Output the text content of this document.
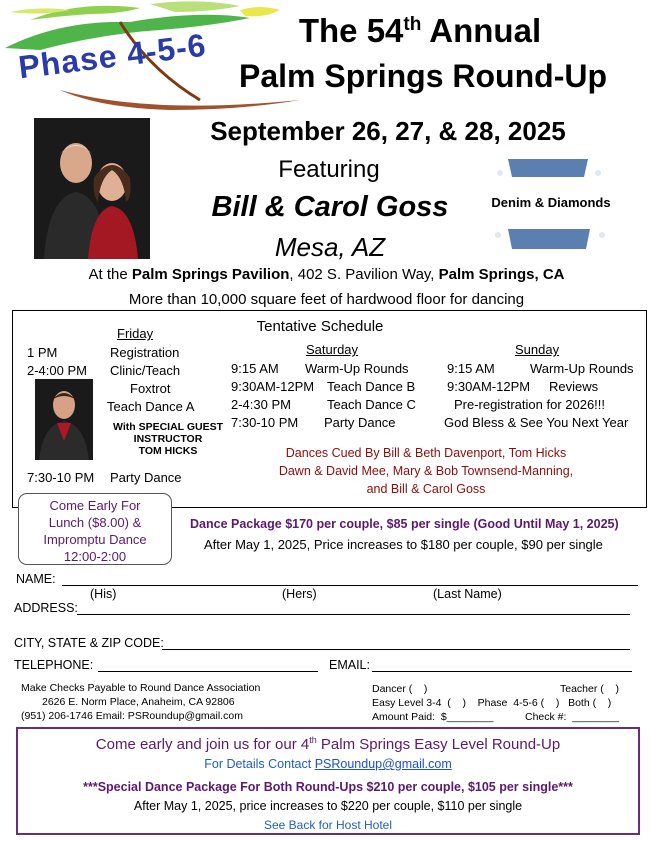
Phase 4-5-6	The 54th Annual
Palm Springs Round-Up
September 26, 27, & 28, 2025
Featuring
Bill & Carol Goss
Mesa, AZ
Denim & Diamonds
At the Palm Springs Pavilion, 402 S. Pavilion Way, Palm Springs, CA
More than 10,000 square feet of hardwood floor for dancing
Tentative Schedule
Friday
1 PM	Registration
2-4:00 PM Clinic/Teach
Foxtrot
Teach Dance A
With SPECIAL GUEST
INSTRUCTOR
TOM HICKS
7:30-10 PM Party Dance
Saturday
9:15 AM Warm-Up Rounds
9:30AM-12PM Teach Dance B
2-4:30 PM	Teach Dance C
7:30-10 PM Party Dance
Sunday
9:15 AM	Warm-Up Rounds
9:30AM-12PM Reviews
Pre-registration for 2026!!!
God Bless & See You Next Year
Dances Cued By Bill & Beth Davenport, Tom Hicks
Dawn & David Mee, Mary & Bob Townsend-Manning,
and Bill & Carol Goss
Come Early For
Lunch ($8.00) &
Impromptu Dance
12:00-2:00
Dance Package $170 per couple, $85 per single (Good Until May 1, 2025)
After May 1, 2025, Price increases to $180 per couple, $90 per single
NAME:
(His)	(Hers)	(Last Name)
ADDRESS:
CITY, STATE & ZIP CODE:
TELEPHONE:	EMAIL:
Make Checks Payable to Round Dance Association
2626 E. Norm Place, Anaheim, CA 92806
(951) 206-1746 Email: PSRoundup@gmail.com
Dancer (    )	Teacher (    )
Easy Level 3-4  (    )    Phase  4-5-6 (    )   Both (    )
Amount Paid:  $________	Check #:  ________
Come early and join us for our 4th Palm Springs Easy Level Round-Up
For Details Contact PSRoundup@gmail.com
***Special Dance Package For Both Round-Ups $210 per couple, $105 per single***
After May 1, 2025, price increases to $220 per couple, $110 per single
See Back for Host Hotel
